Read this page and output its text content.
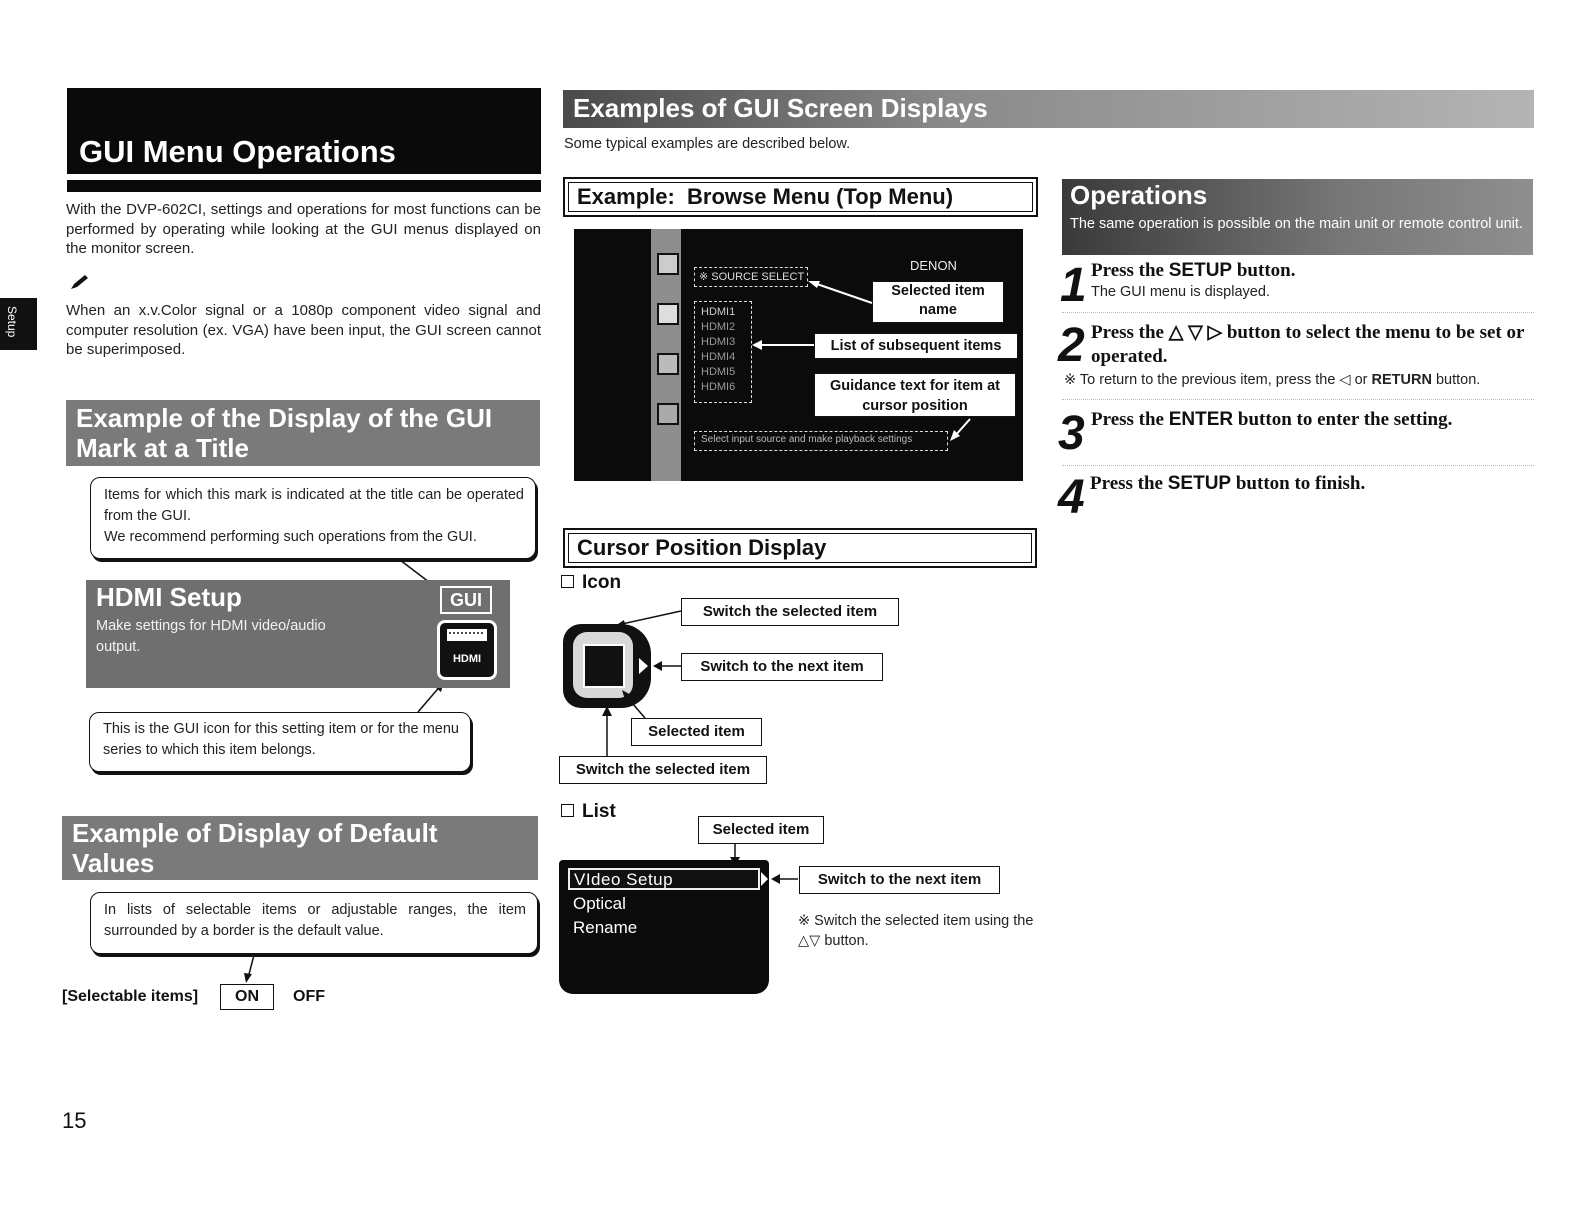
Setup
GUI Menu Operations
With the DVP-602CI, settings and operations for most functions can be performed by operating while looking at the GUI menus displayed on the monitor screen.
When an x.v.Color signal or a 1080p component video signal and computer resolution (ex. VGA) have been input, the GUI screen cannot be superimposed.
Example of the Display of the GUI
Mark at a Title
Items for which this mark is indicated at the title can be operated from the GUI.
We recommend performing such operations from the GUI.
HDMI Setup
Make settings for HDMI video/audio output.
GUI
HDMI
This is the GUI icon for this setting item or for the menu series to which this item belongs.
Example of Display of Default
Values
In lists of selectable items or adjustable ranges, the item surrounded by a border is the default value.
[Selectable items]	ON	OFF
15
Examples of GUI Screen Displays
Some typical examples are described below.
Example:  Browse Menu (Top Menu)
※ SOURCE SELECT
DENON
HDMI1
HDMI2
HDMI3
HDMI4
HDMI5
HDMI6
Select input source and make playback settings
Selected item name
List of subsequent items
Guidance text for item at cursor position
Cursor Position Display
Icon
Switch the selected item
Switch to the next item
Selected item
Switch the selected item
List
Selected item
Switch to the next item
VIdeo Setup
Optical
Rename	※ Switch the selected item using the △▽ button.
Operations
The same operation is possible on the main unit or remote control unit.
1 Press the SETUP button.
The GUI menu is displayed.
2 Press the △ ▽ ▷ button to select the menu to be set or operated.
※ To return to the previous item, press the ◁ or RETURN button.
3 Press the ENTER button to enter the setting.
4 Press the SETUP button to finish.
